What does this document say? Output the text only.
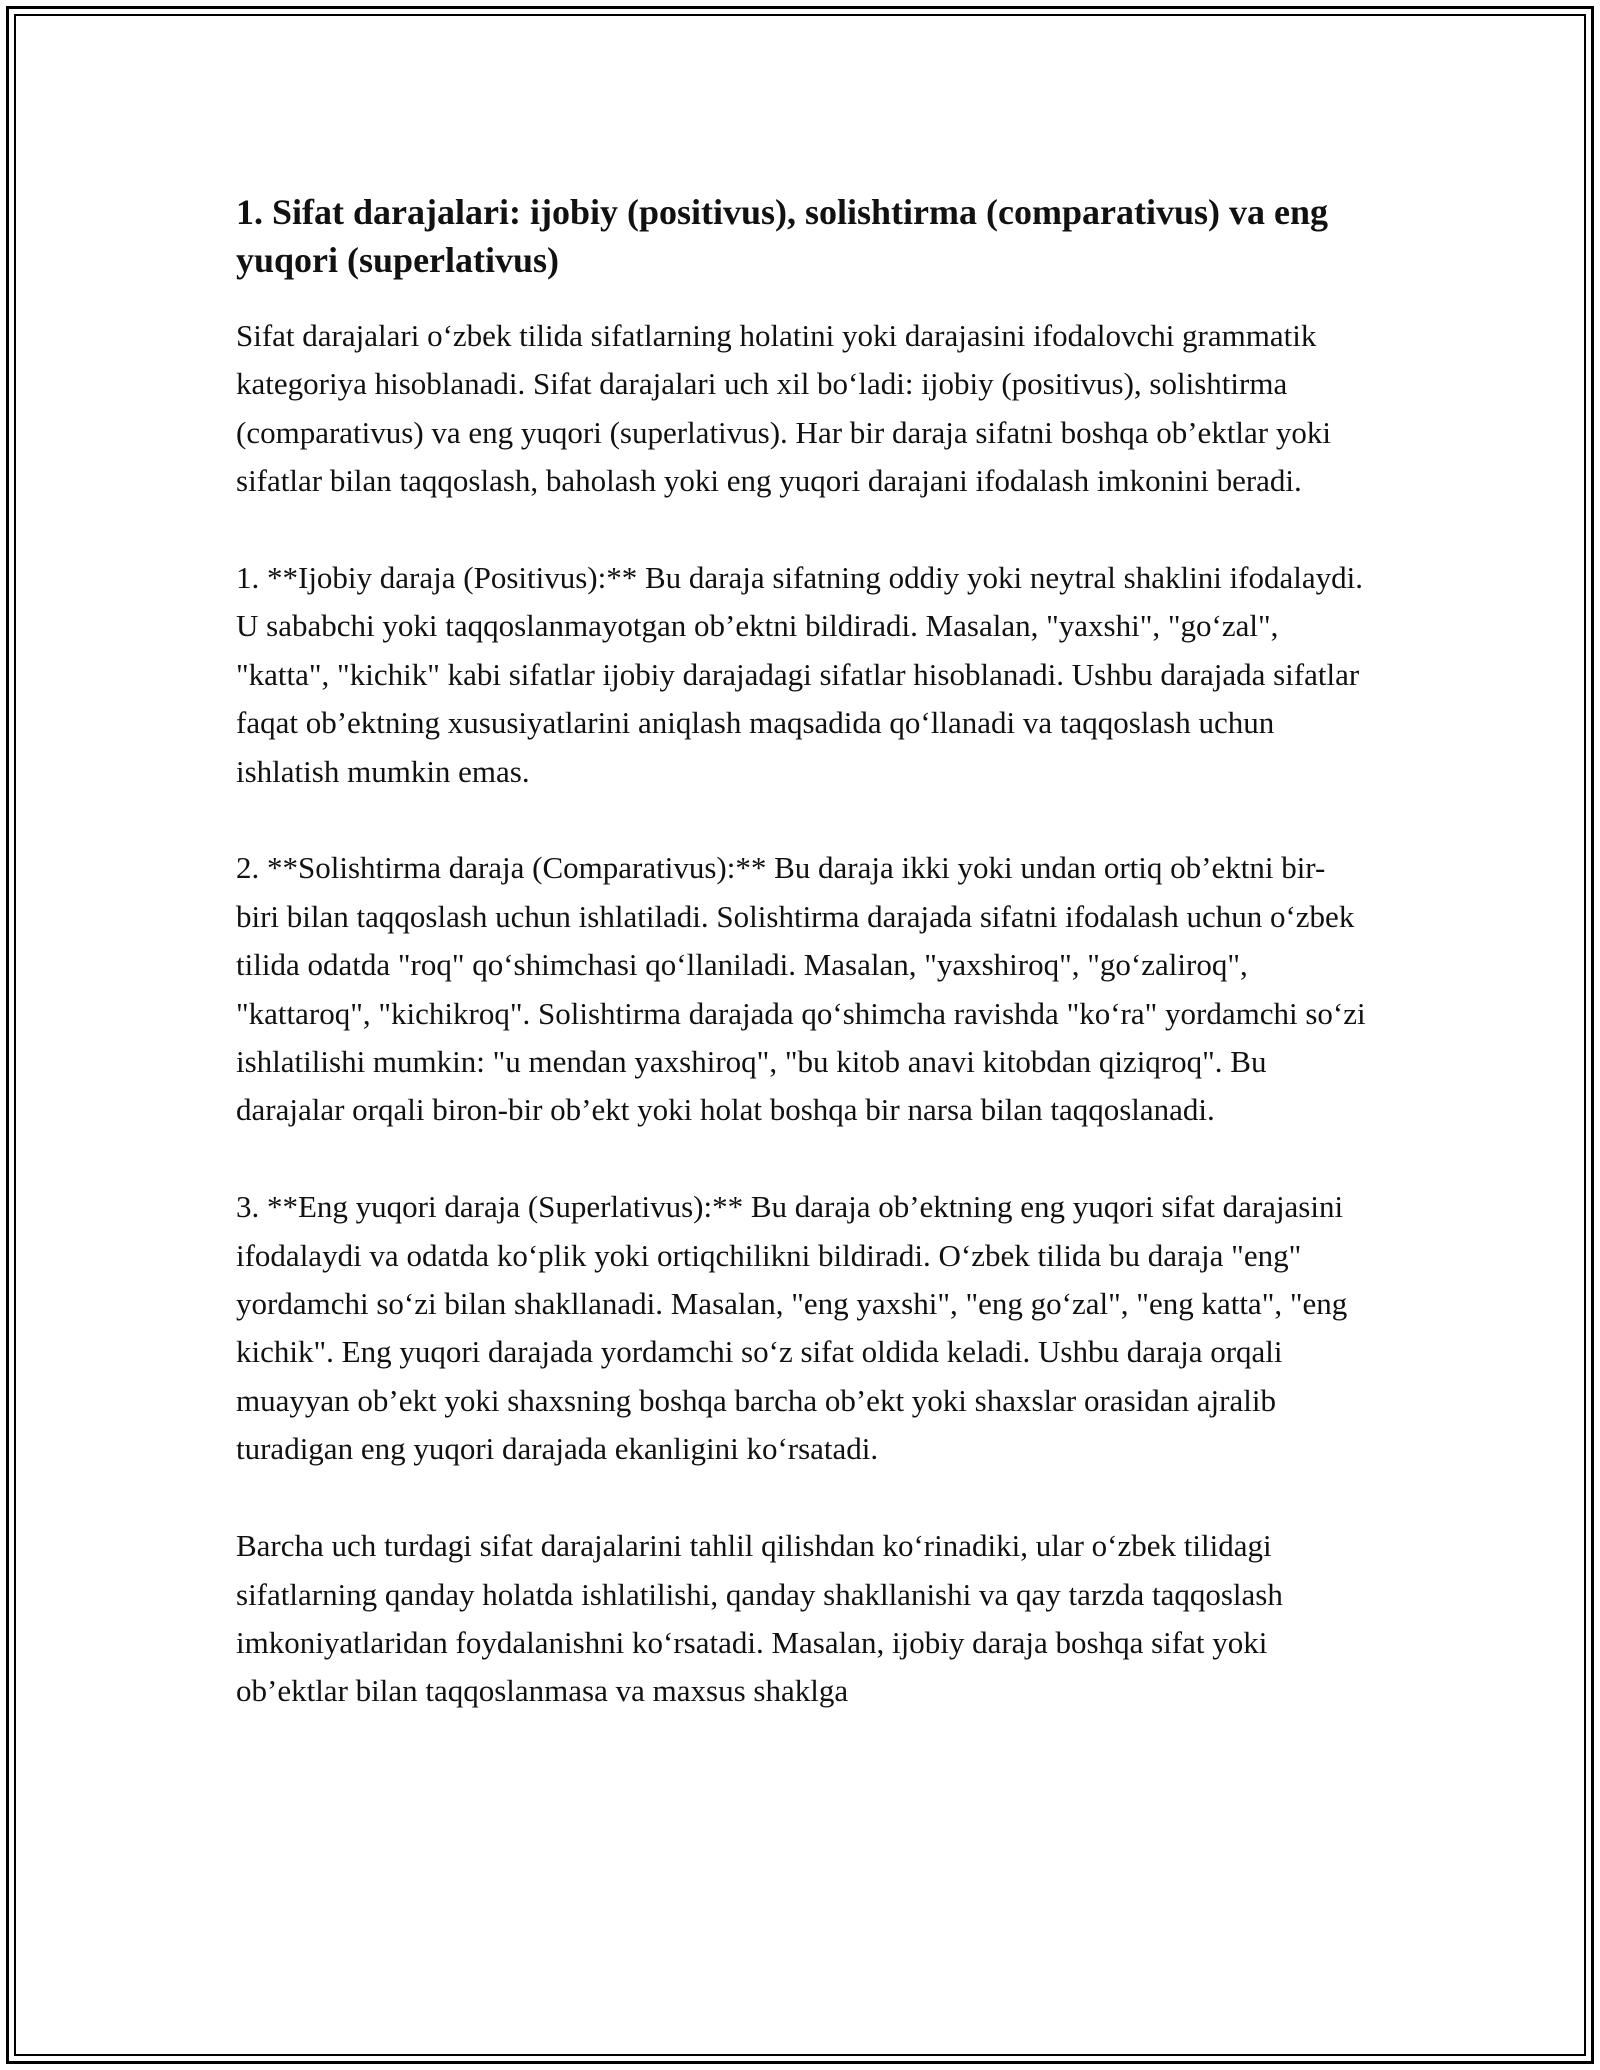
1. Sifat darajalari: ijobiy (positivus), solishtirma (comparativus) va eng yuqori (superlativus)

Sifat darajalari o‘zbek tilida sifatlarning holatini yoki darajasini ifodalovchi grammatik kategoriya hisoblanadi. Sifat darajalari uch xil bo‘ladi: ijobiy (positivus), solishtirma (comparativus) va eng yuqori (superlativus). Har bir daraja sifatni boshqa ob’ektlar yoki sifatlar bilan taqqoslash, baholash yoki eng yuqori darajani ifodalash imkonini beradi.

1. **Ijobiy daraja (Positivus):** Bu daraja sifatning oddiy yoki neytral shaklini ifodalaydi. U sababchi yoki taqqoslanmayotgan ob’ektni bildiradi. Masalan, "yaxshi", "go‘zal", "katta", "kichik" kabi sifatlar ijobiy darajadagi sifatlar hisoblanadi. Ushbu darajada sifatlar faqat ob’ektning xususiyatlarini aniqlash maqsadida qo‘llanadi va taqqoslash uchun ishlatish mumkin emas.

2. **Solishtirma daraja (Comparativus):** Bu daraja ikki yoki undan ortiq ob’ektni bir-biri bilan taqqoslash uchun ishlatiladi. Solishtirma darajada sifatni ifodalash uchun o‘zbek tilida odatda "roq" qo‘shimchasi qo‘llaniladi. Masalan, "yaxshiroq", "go‘zaliroq", "kattaroq", "kichikroq". Solishtirma darajada qo‘shimcha ravishda "ko‘ra" yordamchi so‘zi ishlatilishi mumkin: "u mendan yaxshiroq", "bu kitob anavi kitobdan qiziqroq". Bu darajalar orqali biron-bir ob’ekt yoki holat boshqa bir narsa bilan taqqoslanadi.

3. **Eng yuqori daraja (Superlativus):** Bu daraja ob’ektning eng yuqori sifat darajasini ifodalaydi va odatda ko‘plik yoki ortiqchilikni bildiradi. O‘zbek tilida bu daraja "eng" yordamchi so‘zi bilan shakllanadi. Masalan, "eng yaxshi", "eng go‘zal", "eng katta", "eng kichik". Eng yuqori darajada yordamchi so‘z sifat oldida keladi. Ushbu daraja orqali muayyan ob’ekt yoki shaxsning boshqa barcha ob’ekt yoki shaxslar orasidan ajralib turadigan eng yuqori darajada ekanligini ko‘rsatadi.

Barcha uch turdagi sifat darajalarini tahlil qilishdan ko‘rinadiki, ular o‘zbek tilidagi sifatlarning qanday holatda ishlatilishi, qanday shakllanishi va qay tarzda taqqoslash imkoniyatlaridan foydalanishni ko‘rsatadi. Masalan, ijobiy daraja boshqa sifat yoki ob’ektlar bilan taqqoslanmasa va maxsus shaklga
